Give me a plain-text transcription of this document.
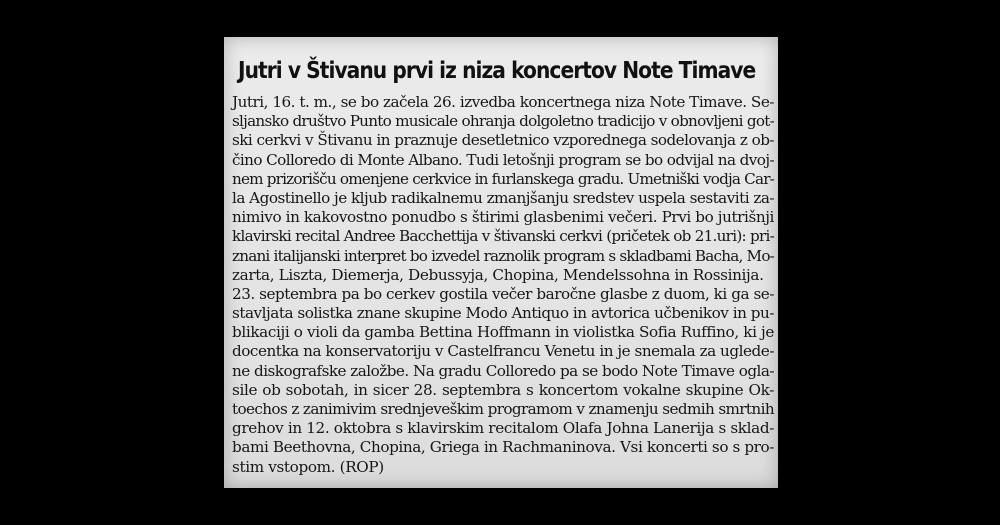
Jutri v Štivanu prvi iz niza koncertov Note Timave
Jutri, 16. t. m., se bo začela 26. izvedba koncertnega niza Note Timave. Se-
sljansko društvo Punto musicale ohranja dolgoletno tradicijo v obnovljeni got-
ski cerkvi v Štivanu in praznuje desetletnico vzporednega sodelovanja z ob-
čino Colloredo di Monte Albano. Tudi letošnji program se bo odvijal na dvoj-
nem prizorišču omenjene cerkvice in furlanskega gradu. Umetniški vodja Car-
la Agostinello je kljub radikalnemu zmanjšanju sredstev uspela sestaviti za-
nimivo in kakovostno ponudbo s štirimi glasbenimi večeri. Prvi bo jutrišnji
klavirski recital Andree Bacchettija v štivanski cerkvi (pričetek ob 21.uri): pri-
znani italijanski interpret bo izvedel raznolik program s skladbami Bacha, Mo-
zarta, Liszta, Diemerja, Debussyja, Chopina, Mendelssohna in Rossinija.
23. septembra pa bo cerkev gostila večer baročne glasbe z duom, ki ga se-
stavljata solistka znane skupine Modo Antiquo in avtorica učbenikov in pu-
blikaciji o violi da gamba Bettina Hoffmann in violistka Sofia Ruffino, ki je
docentka na konservatoriju v Castelfrancu Venetu in je snemala za uglede-
ne diskografske založbe. Na gradu Colloredo pa se bodo Note Timave ogla-
sile ob sobotah, in sicer 28. septembra s koncertom vokalne skupine Ok-
toechos z zanimivim srednjeveškim programom v znamenju sedmih smrtnih
grehov in 12. oktobra s klavirskim recitalom Olafa Johna Lanerija s sklad-
bami Beethovna, Chopina, Griega in Rachmaninova. Vsi koncerti so s pro-
stim vstopom. (ROP)
